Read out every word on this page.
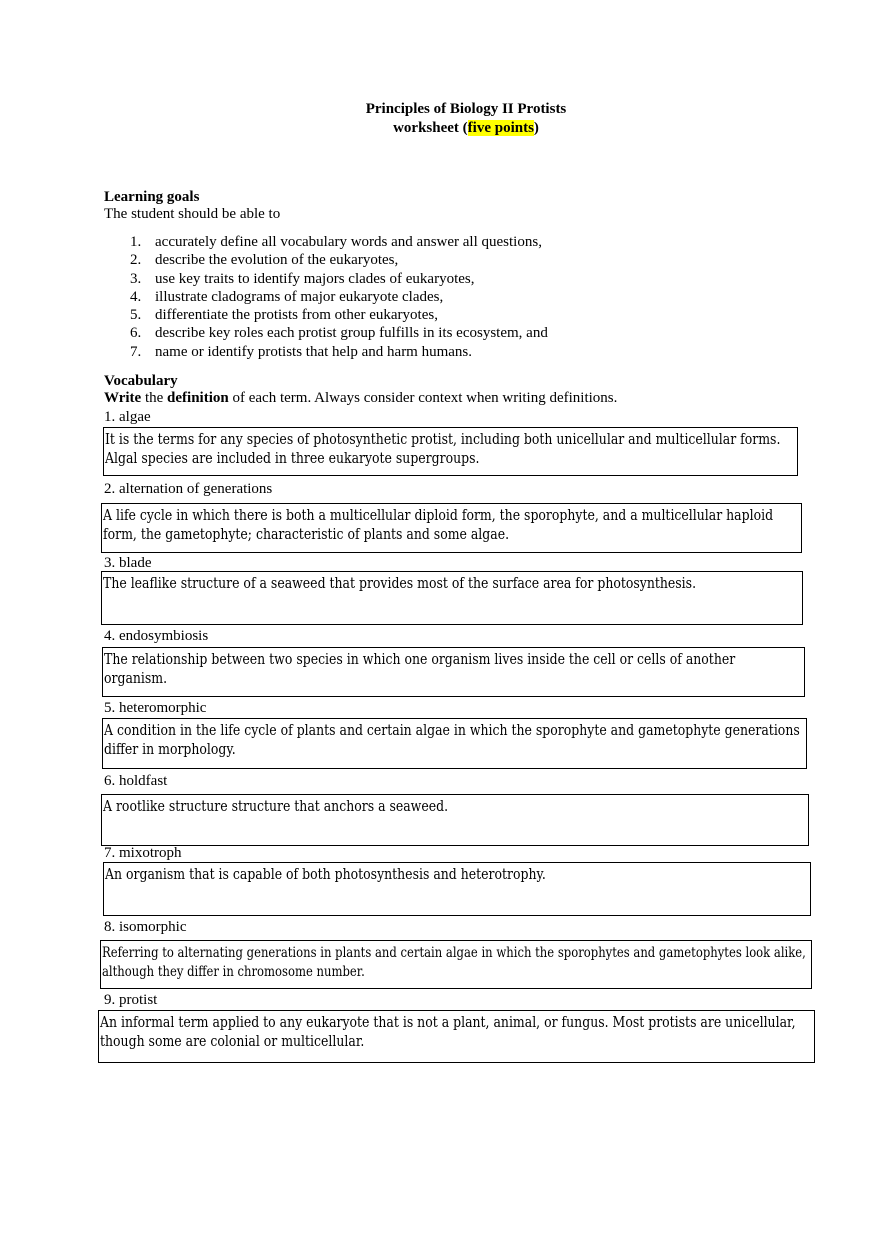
Principles of Biology II Protists
worksheet (five points)
Learning goals
The student should be able to
1. accurately define all vocabulary words and answer all questions,
2. describe the evolution of the eukaryotes,
3. use key traits to identify majors clades of eukaryotes,
4. illustrate cladograms of major eukaryote clades,
5. differentiate the protists from other eukaryotes,
6. describe key roles each protist group fulfills in its ecosystem, and
7. name or identify protists that help and harm humans.
Vocabulary
Write the definition of each term. Always consider context when writing definitions.
1. algae
It is the terms for any species of photosynthetic protist, including both unicellular and multicellular forms. Algal species are included in three eukaryote supergroups.
2. alternation of generations
A life cycle in which there is both a multicellular diploid form, the sporophyte, and a multicellular haploid form, the gametophyte; characteristic of plants and some algae.
3. blade
The leaflike structure of a seaweed that provides most of the surface area for photosynthesis.
4. endosymbiosis
The relationship between two species in which one organism lives inside the cell or cells of another organism.
5. heteromorphic
A condition in the life cycle of plants and certain algae in which the sporophyte and gametophyte generations differ in morphology.
6. holdfast
A rootlike structure structure that anchors a seaweed.
7. mixotroph
An organism that is capable of both photosynthesis and heterotrophy.
8. isomorphic
Referring to alternating generations in plants and certain algae in which the sporophytes and gametophytes look alike, although they differ in chromosome number.
9. protist
An informal term applied to any eukaryote that is not a plant, animal, or fungus. Most protists are unicellular, though some are colonial or multicellular.
